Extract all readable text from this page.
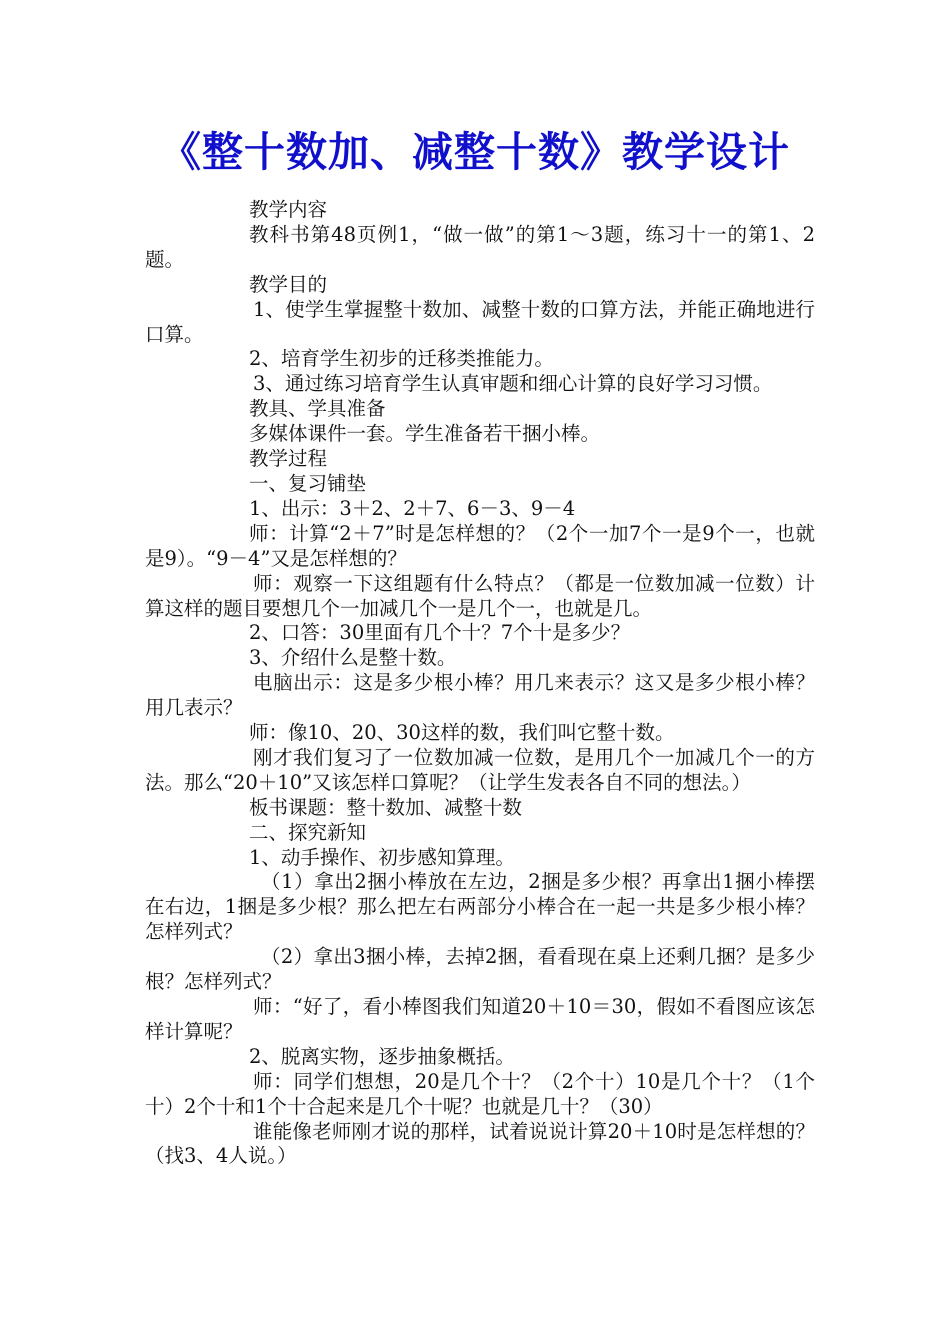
《整十数加、减整十数》教学设计

教学内容

教科书第48页例1，“做一做”的第1～3题，练习十一的第1、2题。

教学目的

1、使学生掌握整十数加、减整十数的口算方法，并能正确地进行口算。

2、培育学生初步的迁移类推能力。

3、通过练习培育学生认真审题和细心计算的良好学习习惯。

教具、学具准备

多媒体课件一套。学生准备若干捆小棒。

教学过程

一、复习铺垫

1、出示：3＋2、2＋7、6－3、9－4

师：计算“2＋7”时是怎样想的？（2个一加7个一是9个一，也就是9）。“9－4”又是怎样想的？

师：观察一下这组题有什么特点？（都是一位数加减一位数）计算这样的题目要想几个一加减几个一是几个一，也就是几。

2、口答：30里面有几个十？7个十是多少？

3、介绍什么是整十数。

电脑出示：这是多少根小棒？用几来表示？这又是多少根小棒？用几表示？

师：像10、20、30这样的数，我们叫它整十数。

刚才我们复习了一位数加减一位数，是用几个一加减几个一的方法。那么“20＋10”又该怎样口算呢？（让学生发表各自不同的想法。）

板书课题：整十数加、减整十数

二、探究新知

1、动手操作、初步感知算理。

（1）拿出2捆小棒放在左边，2捆是多少根？再拿出1捆小棒摆在右边，1捆是多少根？那么把左右两部分小棒合在一起一共是多少根小棒？怎样列式？

（2）拿出3捆小棒，去掉2捆，看看现在桌上还剩几捆？是多少根？怎样列式？

师：“好了，看小棒图我们知道20＋10＝30，假如不看图应该怎样计算呢？

2、脱离实物，逐步抽象概括。

师：同学们想想，20是几个十？（2个十）10是几个十？（1个十）2个十和1个十合起来是几个十呢？也就是几十？（30）

谁能像老师刚才说的那样，试着说说计算20＋10时是怎样想的？（找3、4人说。）
